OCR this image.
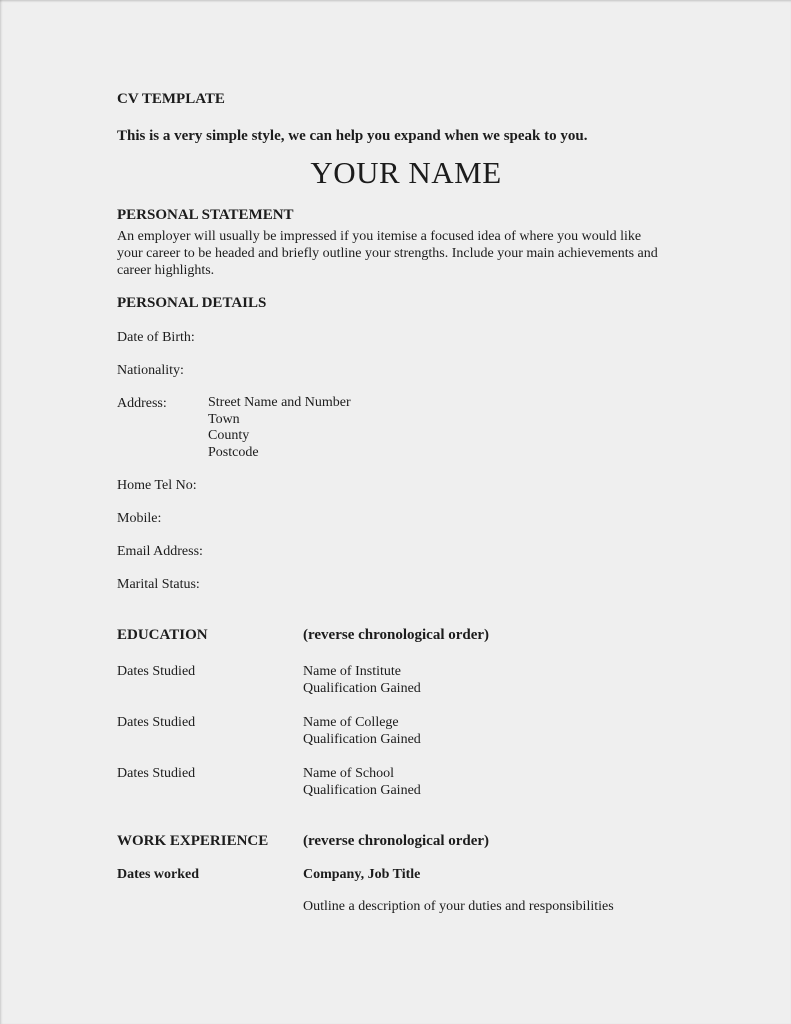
CV TEMPLATE
This is a very simple style, we can help you expand when we speak to you.
YOUR NAME
PERSONAL STATEMENT
An employer will usually be impressed if you itemise a focused idea of where you would like
your career to be headed and briefly outline your strengths. Include your main achievements and
career highlights.
PERSONAL DETAILS
Date of Birth:
Nationality:
Address:	Street Name and Number
Town
County
Postcode
Home Tel No:
Mobile:
Email Address:
Marital Status:
EDUCATION	(reverse chronological order)
Dates Studied	Name of Institute
Qualification Gained
Dates Studied	Name of College
Qualification Gained
Dates Studied	Name of School
Qualification Gained
WORK EXPERIENCE	(reverse chronological order)
Dates worked	Company, Job Title
Outline a description of your duties and responsibilities
